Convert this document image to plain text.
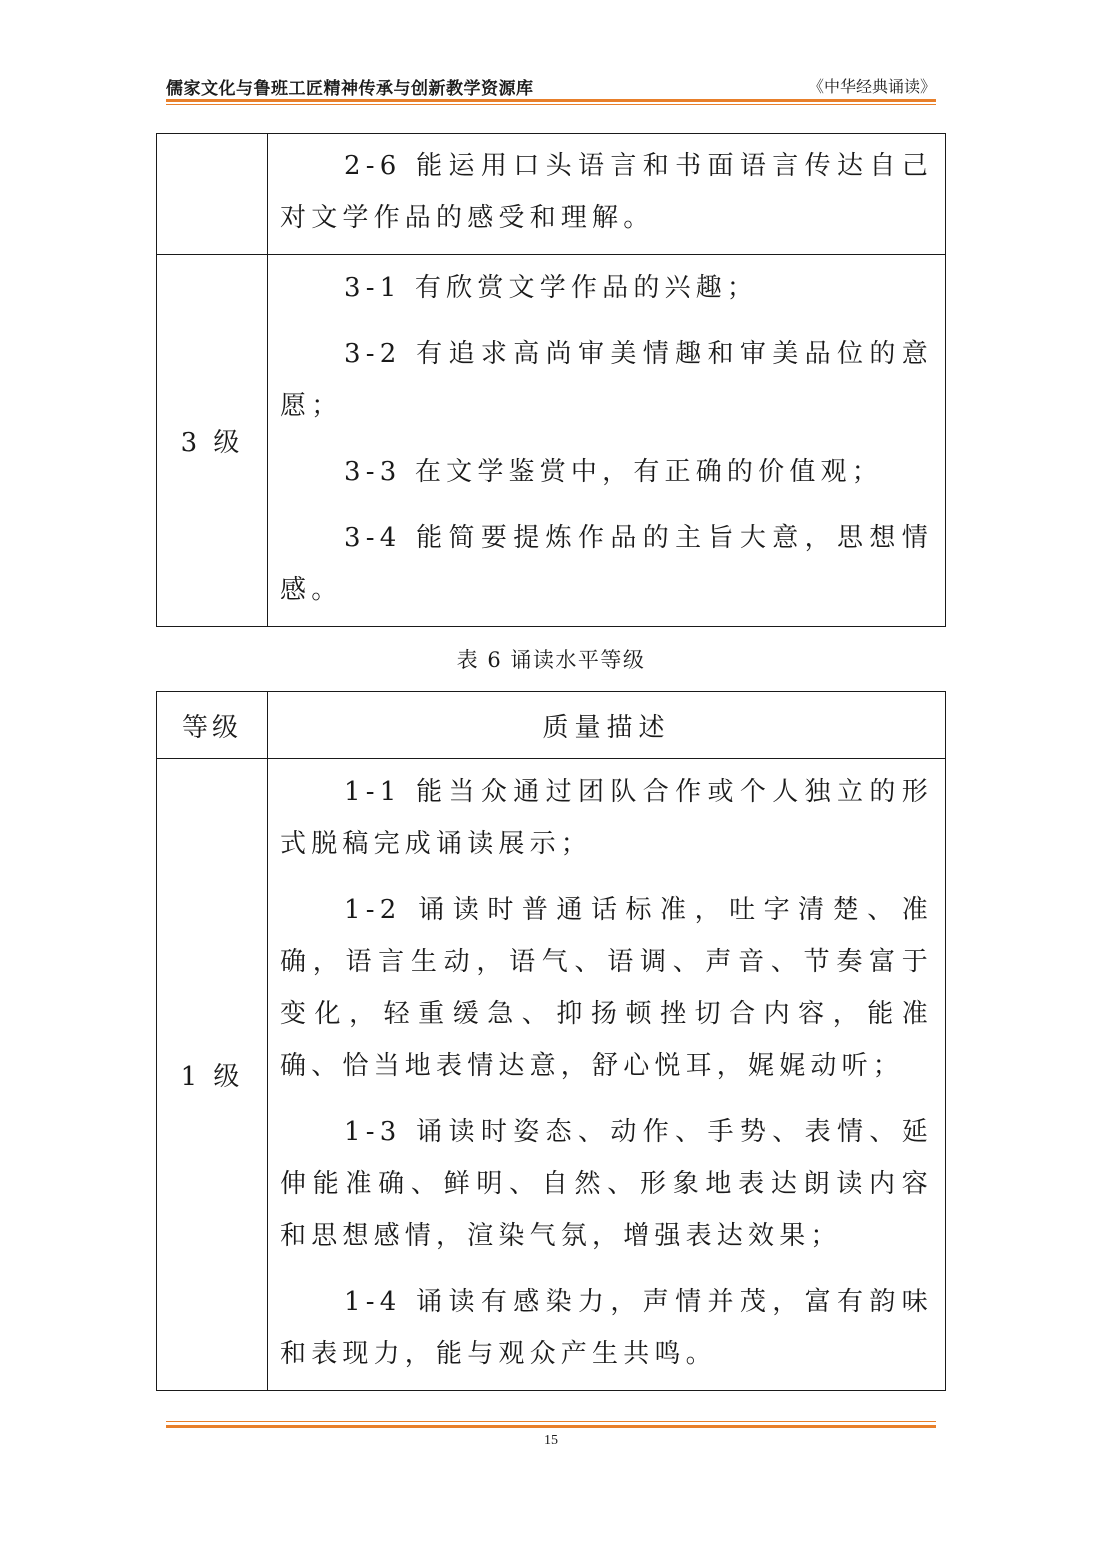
儒家文化与鲁班工匠精神传承与创新教学资源库	《中华经典诵读》

	2-6 能运用口头语言和书面语言传达自己对文学作品的感受和理解。

3 级	3-1 有欣赏文学作品的兴趣；

3-2 有追求高尚审美情趣和审美品位的意愿；

3-3 在文学鉴赏中，有正确的价值观；

3-4 能简要提炼作品的主旨大意，思想情感。

表 6 诵读水平等级
等级	质量描述
1 级	1-1 能当众通过团队合作或个人独立的形式脱稿完成诵读展示；

1-2 诵读时普通话标准，吐字清楚、准确，语言生动，语气、语调、声音、节奏富于变化，轻重缓急、抑扬顿挫切合内容，能准确、恰当地表情达意，舒心悦耳，娓娓动听；

1-3 诵读时姿态、动作、手势、表情、延伸能准确、鲜明、自然、形象地表达朗读内容和思想感情，渲染气氛，增强表达效果；

1-4 诵读有感染力，声情并茂，富有韵味和表现力，能与观众产生共鸣。

15
